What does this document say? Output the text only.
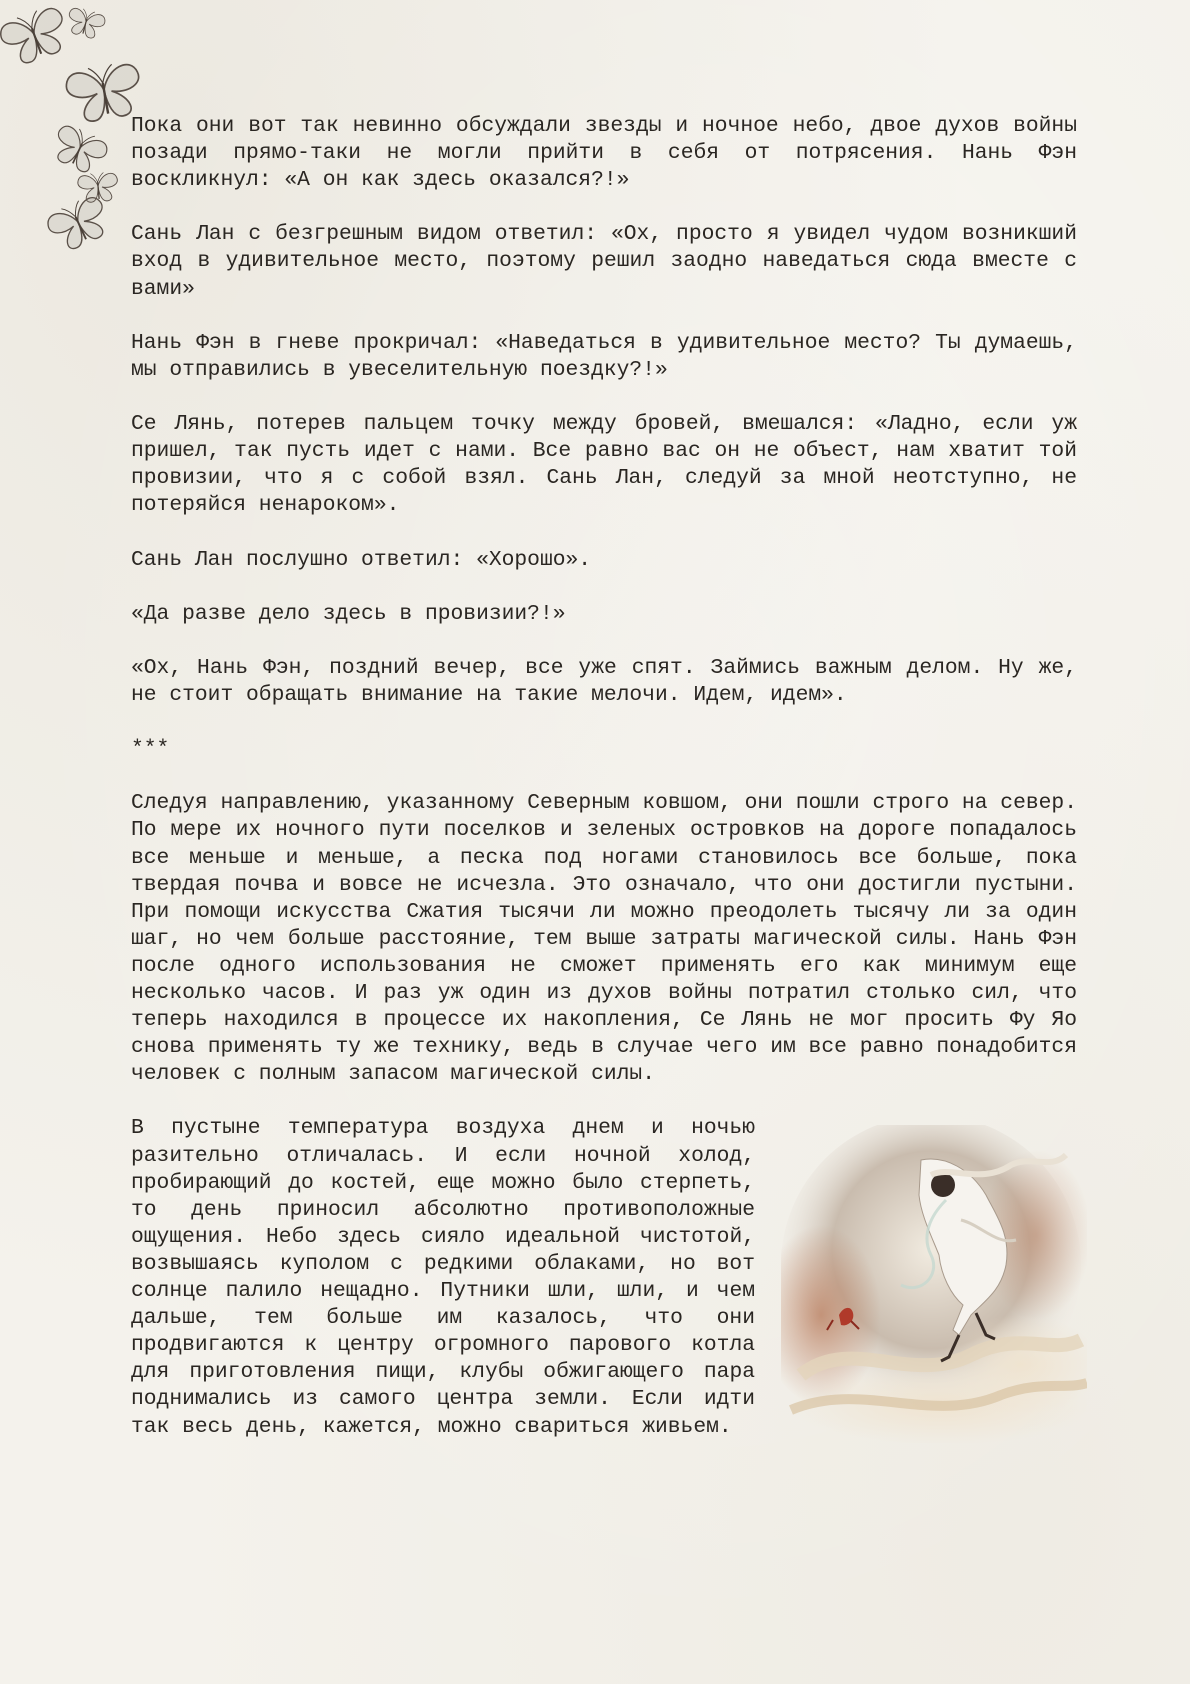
Пока они вот так невинно обсуждали звезды и ночное небо, двое духов войны позади прямо-таки не могли прийти в себя от потрясения. Нань Фэн воскликнул: «А он как здесь оказался?!»

Сань Лан с безгрешным видом ответил: «Ох, просто я увидел чудом возникший вход в удивительное место, поэтому решил заодно наведаться сюда вместе с вами»

Нань Фэн в гневе прокричал: «Наведаться в удивительное место? Ты думаешь, мы отправились в увеселительную поездку?!»

Се Лянь, потерев пальцем точку между бровей, вмешался: «Ладно, если уж пришел, так пусть идет с нами. Все равно вас он не объест, нам хватит той провизии, что я с собой взял. Сань Лан, следуй за мной неотступно, не потеряйся ненароком».

Сань Лан послушно ответил: «Хорошо».

«Да разве дело здесь в провизии?!»

«Ох, Нань Фэн, поздний вечер, все уже спят. Займись важным делом. Ну же, не стоит обращать внимание на такие мелочи. Идем, идем».

***

Следуя направлению, указанному Северным ковшом, они пошли строго на север. По мере их ночного пути поселков и зеленых островков на дороге попадалось все меньше и меньше, а песка под ногами становилось все больше, пока твердая почва и вовсе не исчезла. Это означало, что они достигли пустыни. При помощи искусства Сжатия тысячи ли можно преодолеть тысячу ли за один шаг, но чем больше расстояние, тем выше затраты магической силы. Нань Фэн после одного использования не сможет применять его как минимум еще несколько часов. И раз уж один из духов войны потратил столько сил, что теперь находился в процессе их накопления, Се Лянь не мог просить Фу Яо снова применять ту же технику, ведь в случае чего им все равно понадобится человек с полным запасом магической силы.

В пустыне температура воздуха днем и ночью разительно отличалась. И если ночной холод, пробирающий до костей, еще можно было стерпеть, то день приносил абсолютно противоположные ощущения. Небо здесь сияло идеальной чистотой, возвышаясь куполом с редкими облаками, но вот солнце палило нещадно. Путники шли, шли, и чем дальше, тем больше им казалось, что они продвигаются к центру огромного парового котла для приготовления пищи, клубы обжигающего пара поднимались из самого центра земли. Если идти так весь день, кажется, можно свариться живьем.
